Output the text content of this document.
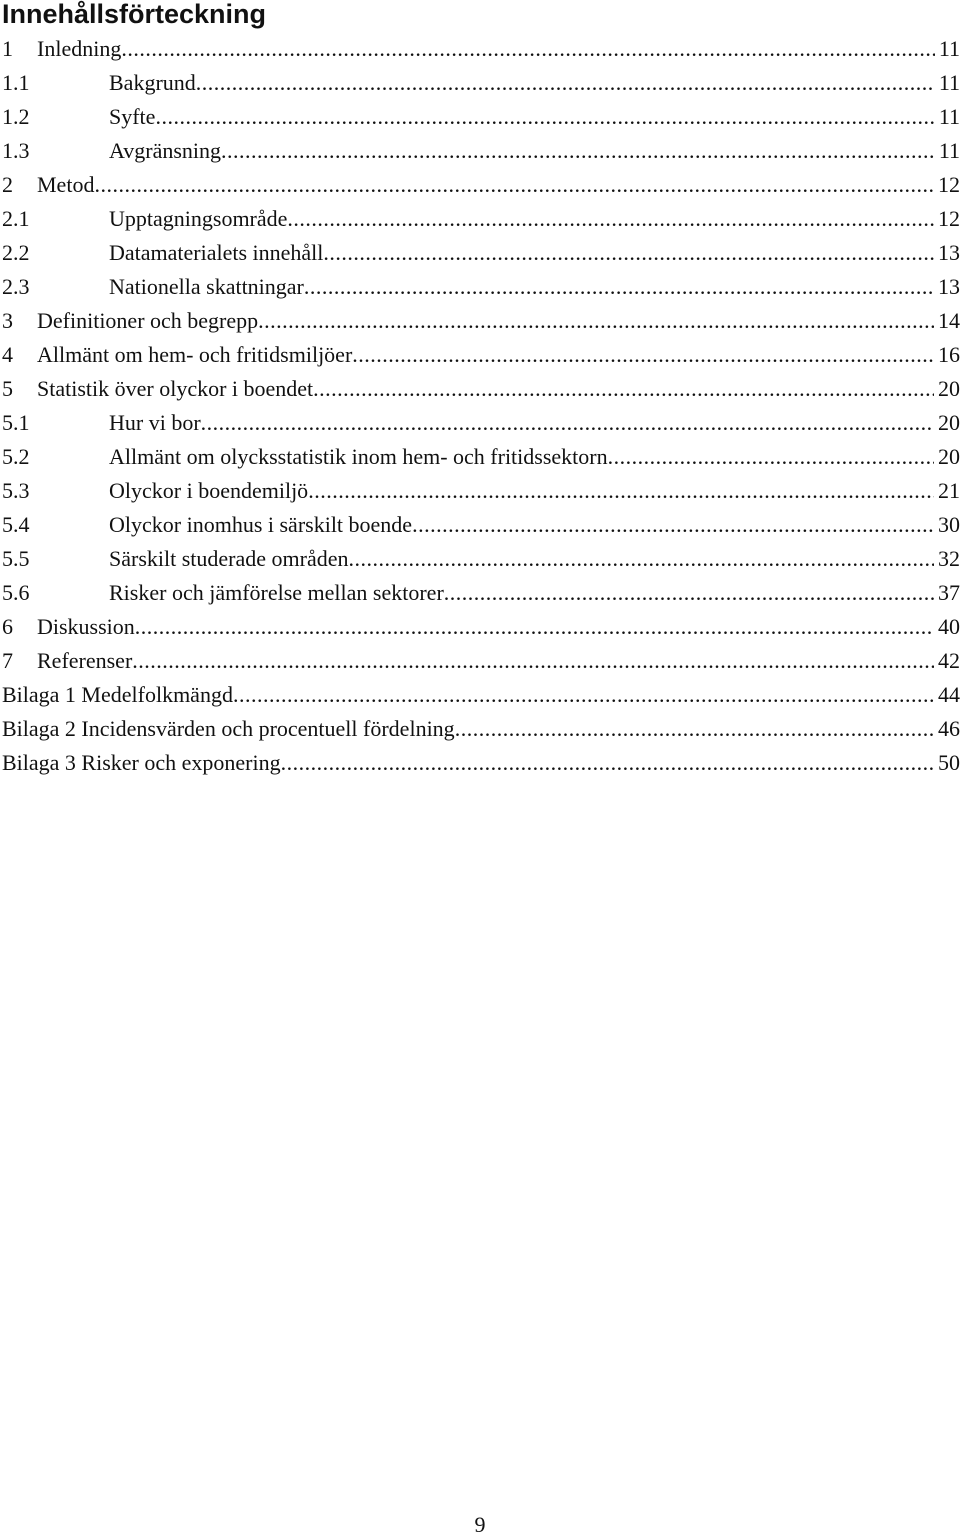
Innehållsförteckning
1	Inledning .....	11
1.1	Bakgrund .....	11
1.2	Syfte .....	11
1.3	Avgränsning .....	11
2	Metod .....	12
2.1	Upptagningsområde .....	12
2.2	Datamaterialets innehåll .....	13
2.3	Nationella skattningar .....	13
3	Definitioner och begrepp .....	14
4	Allmänt om hem- och fritidsmiljöer .....	16
5	Statistik över olyckor i boendet .....	20
5.1	Hur vi bor .....	20
5.2	Allmänt om olycksstatistik inom hem- och fritidssektorn .....	20
5.3	Olyckor i boendemiljö .....	21
5.4	Olyckor inomhus i särskilt boende .....	30
5.5	Särskilt studerade områden .....	32
5.6	Risker och jämförelse mellan sektorer .....	37
6	Diskussion .....	40
7	Referenser .....	42
Bilaga 1 Medelfolkmängd .....	44
Bilaga 2 Incidensvärden och procentuell fördelning .....	46
Bilaga 3 Risker och exponering .....	50
9
